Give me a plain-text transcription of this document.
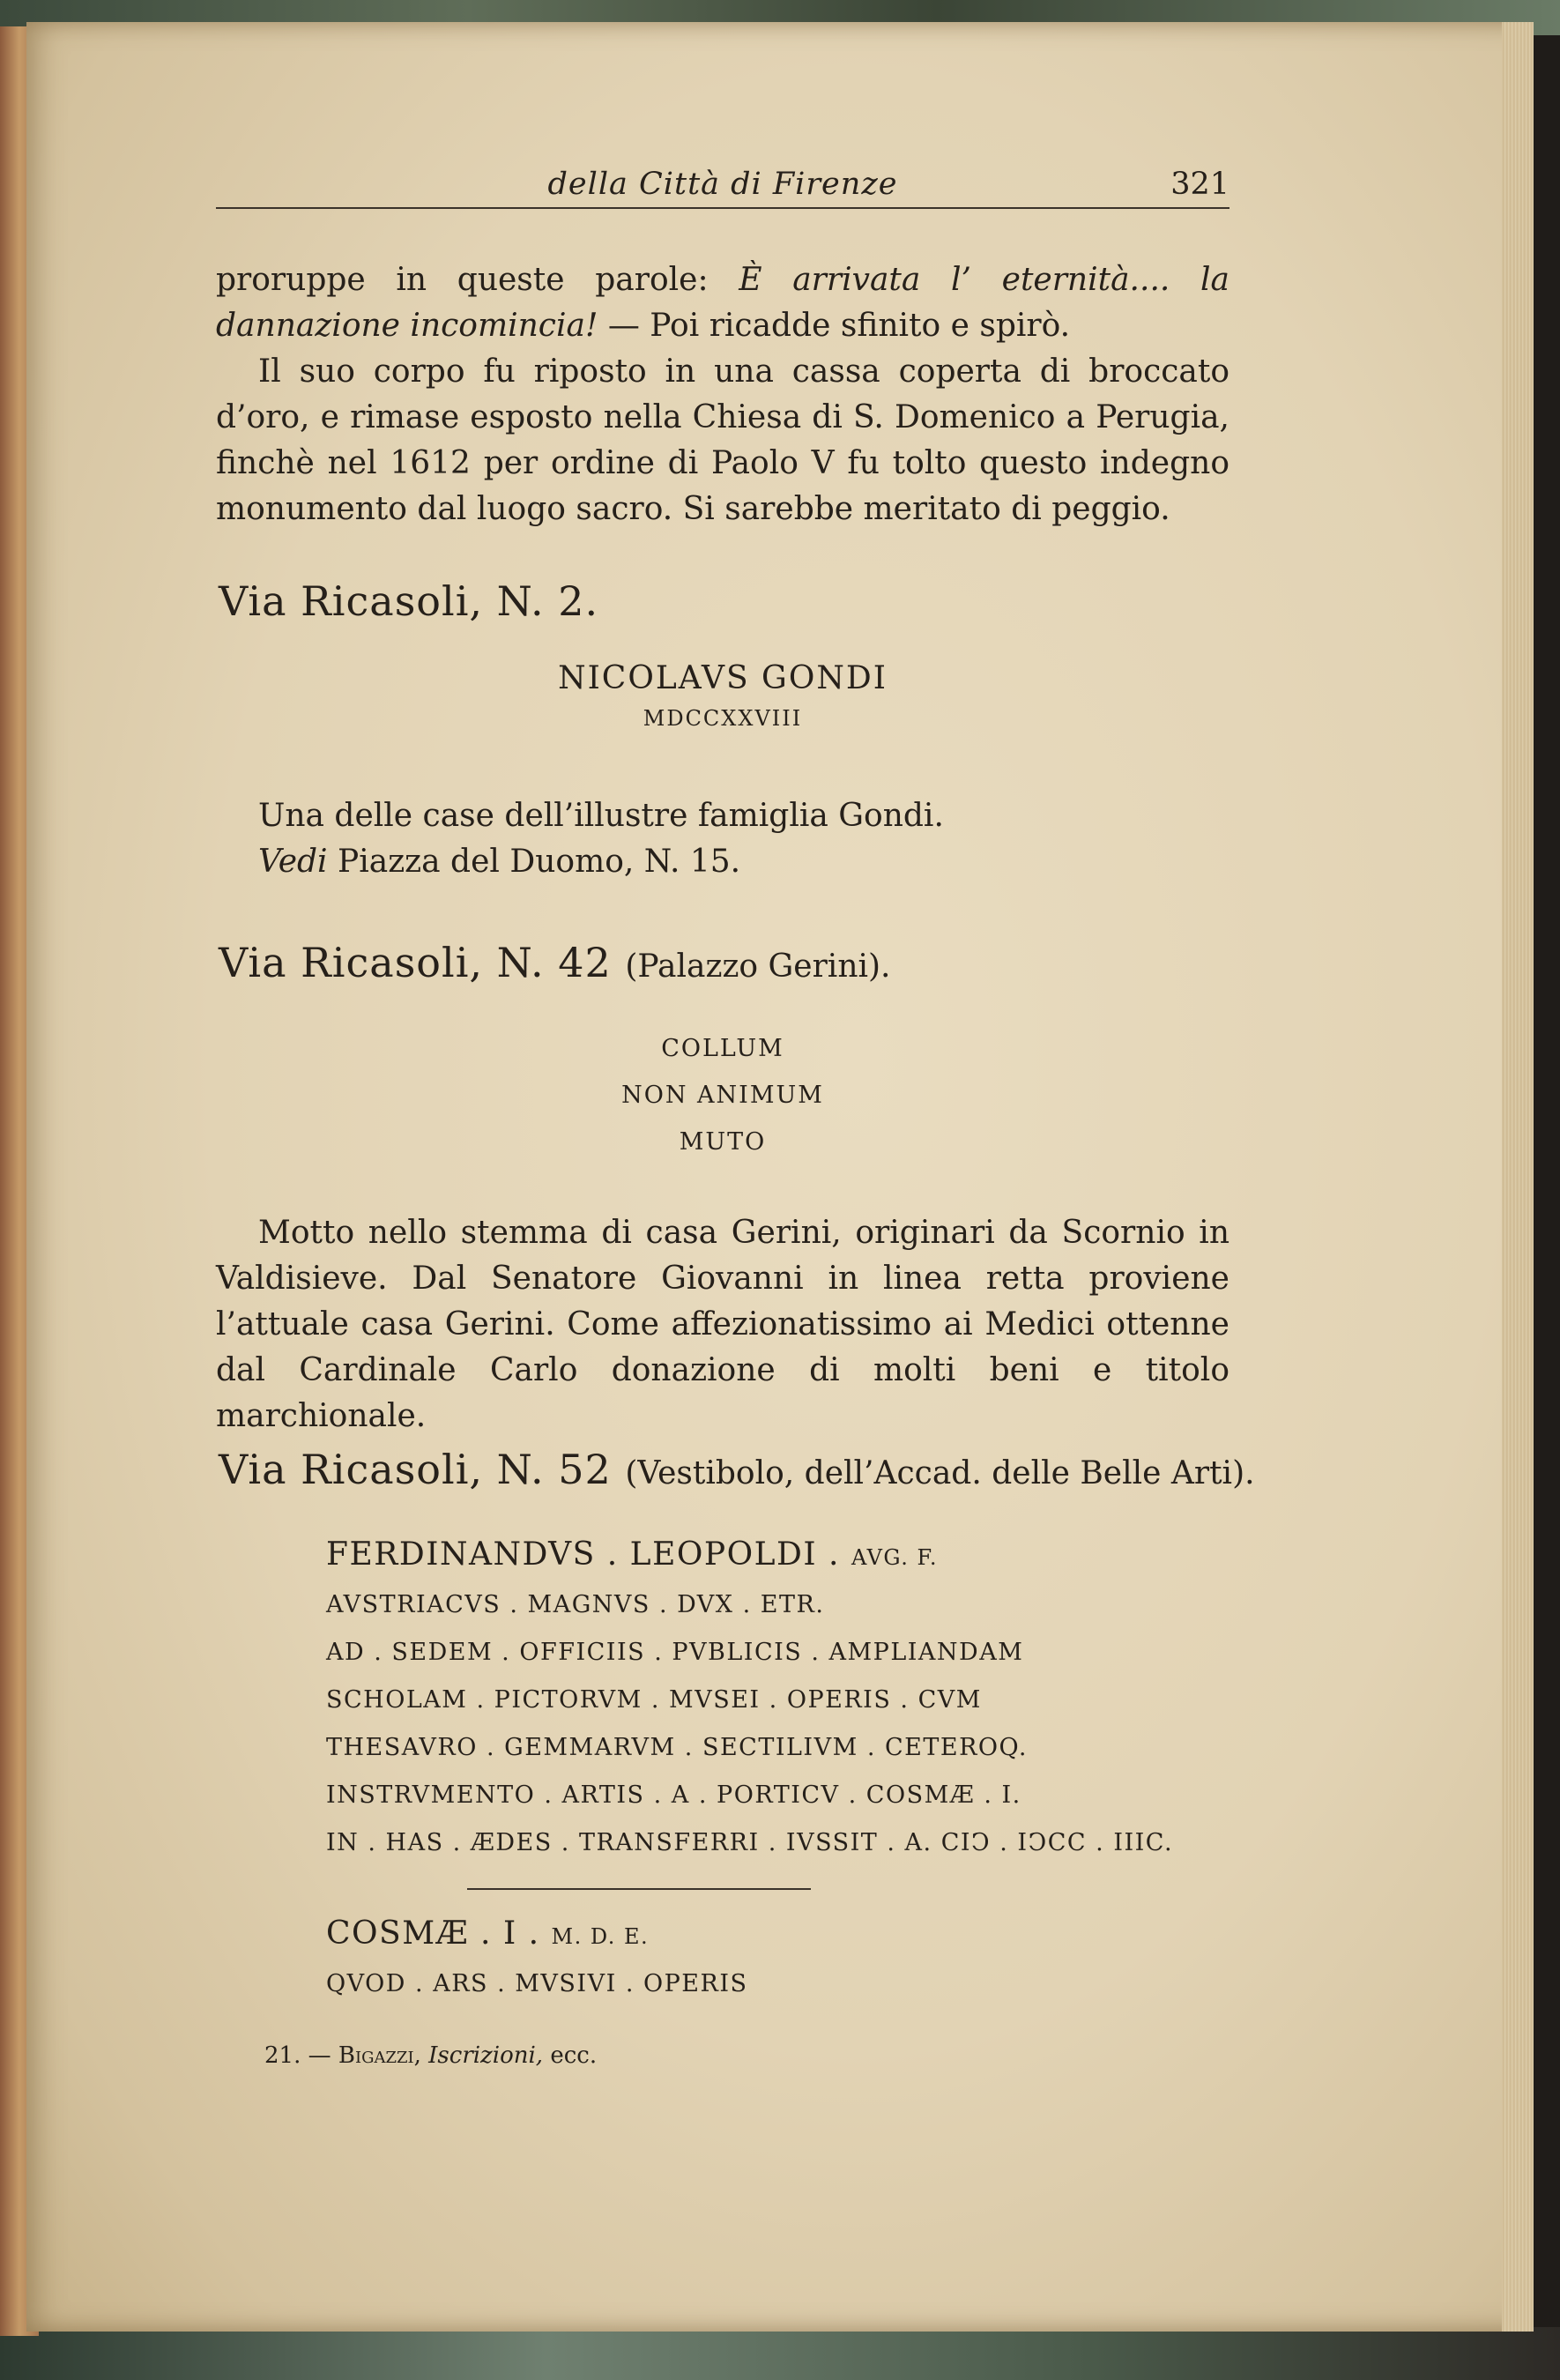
della Città di Firenze	321

proruppe in queste parole: È arrivata l’ eternità.... la dannazione incomincia! — Poi ricadde sfinito e spirò.

Il suo corpo fu riposto in una cassa coperta di broccato d’oro, e rimase esposto nella Chiesa di S. Domenico a Perugia, finchè nel 1612 per ordine di Paolo V fu tolto questo indegno monumento dal luogo sacro. Si sarebbe meritato di peggio.

Via Ricasoli, N. 2.
NICOLAVS GONDI
MDCCXXVIII
Una delle case dell’illustre famiglia Gondi.
Vedi Piazza del Duomo, N. 15.
Via Ricasoli, N. 42 (Palazzo Gerini).
COLLUM
NON ANIMUM
MUTO

Motto nello stemma di casa Gerini, originari da Scornio in Valdisieve. Dal Senatore Giovanni in linea retta proviene l’attuale casa Gerini. Come affezionatissimo ai Medici ottenne dal Cardinale Carlo donazione di molti beni e titolo marchionale.

Via Ricasoli, N. 52 (Vestibolo, dell’Accad. delle Belle Arti).
FERDINANDVS . LEOPOLDI . AVG. F.
AVSTRIACVS . MAGNVS . DVX . ETR.
AD . SEDEM . OFFICIIS . PVBLICIS . AMPLIANDAM
SCHOLAM . PICTORVM . MVSEI . OPERIS . CVM
THESAVRO . GEMMARVM . SECTILIVM . CETEROQ.
INSTRVMENTO . ARTIS . A . PORTICV . COSMÆ . I.
IN . HAS . ÆDES . TRANSFERRI . IVSSIT . A. CIϽ . IϽCC . IIIC.
COSMÆ . I . M. D. E.
QVOD . ARS . MVSIVI . OPERIS
21. — Bigazzi, Iscrizioni, ecc.
